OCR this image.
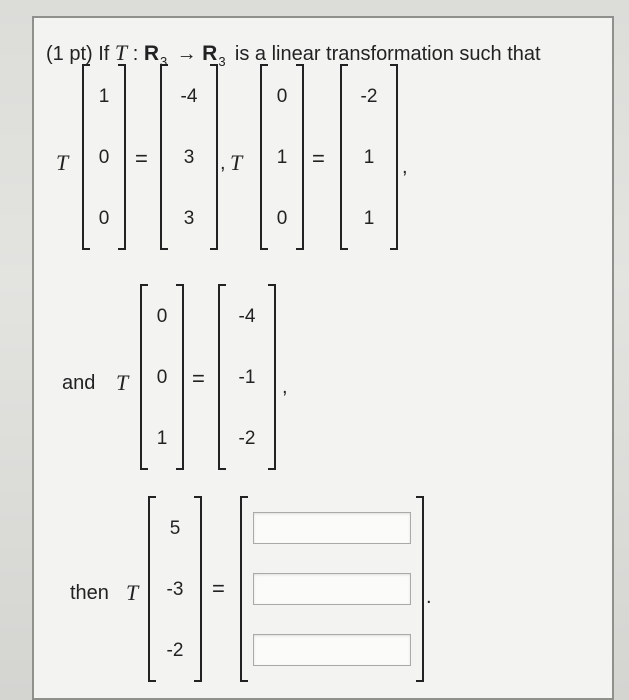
(1 pt) If T : R 3 → R 3 is a linear transformation such that
T
1
0
0
=
-4
3
3
, T
0
1
0
=
-2
1
1
,
and T
0
0
1
=
-4
-1
-2
,
then T
5
-3
-2
=	.
